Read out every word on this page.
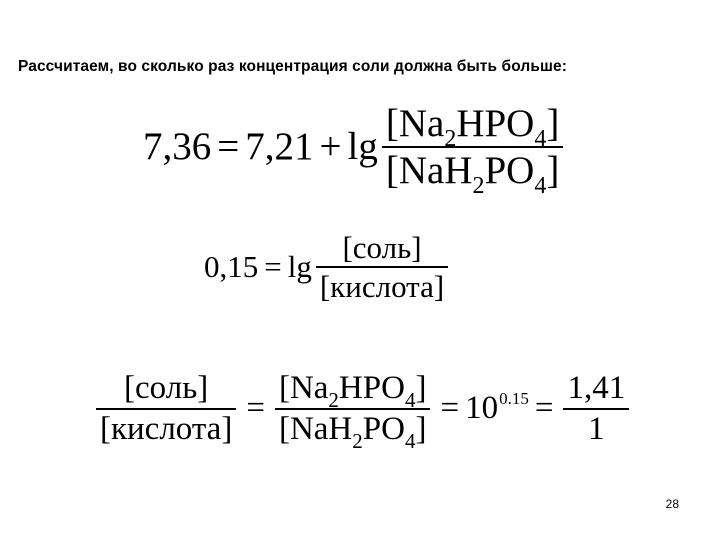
Рассчитаем, во сколько раз концентрация соли должна быть больше:
$7,36 = 7,21 + \lg \frac{[Na_2HPO_4]}{[NaH_2PO_4]}$
$0,15 = \lg \frac{\text{[соль]}}{\text{[кислота]}}$
$\frac{\text{[соль]}}{\text{[кислота]}} = \frac{[Na_2HPO_4]}{[NaH_2PO_4]} = 10^{0.15} = \frac{1,41}{1}$
28
